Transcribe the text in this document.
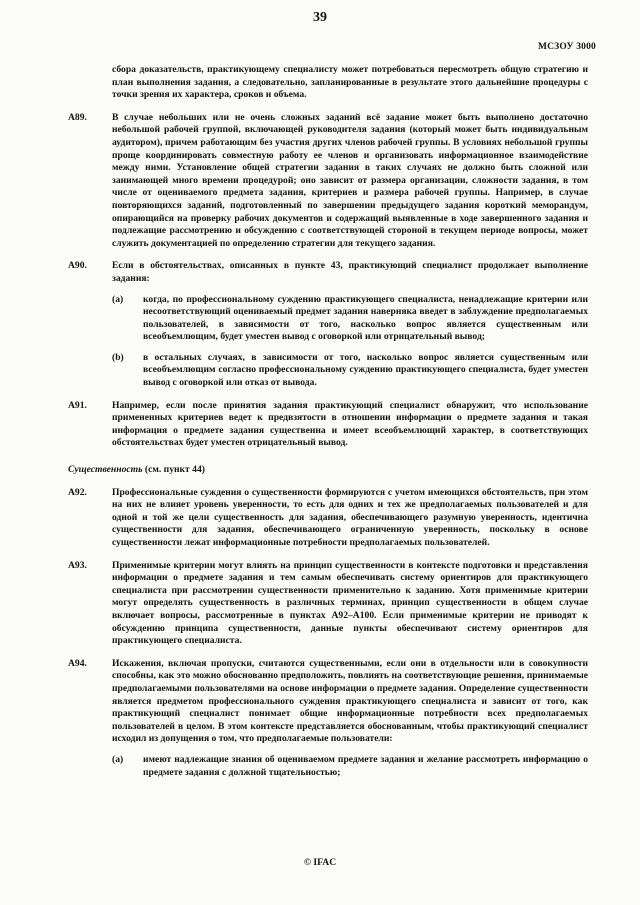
39
МСЗОУ 3000

сбора доказательств, практикующему специалисту может потребоваться пересмотреть общую стратегию и план выполнения задания, а следовательно, запланированные в результате этого дальнейшие процедуры с точки зрения их характера, сроков и объема.

A89.	В случае небольших или не очень сложных заданий всё задание может быть выполнено достаточно небольшой рабочей группой, включающей руководителя задания (который может быть индивидуальным аудитором), причем работающим без участия других членов рабочей группы. В условиях небольшой группы проще координировать совместную работу ее членов и организовать информационное взаимодействие между ними. Установление общей стратегии задания в таких случаях не должно быть сложной или занимающей много времени процедурой; оно зависит от размера организации, сложности задания, в том числе от оцениваемого предмета задания, критериев и размера рабочей группы. Например, в случае повторяющихся заданий, подготовленный по завершении предыдущего задания короткий меморандум, опирающийся на проверку рабочих документов и содержащий выявленные в ходе завершенного задания и подлежащие рассмотрению и обсуждению с соответствующей стороной в текущем периоде вопросы, может служить документацией по определению стратегии для текущего задания.

A90.	Если в обстоятельствах, описанных в пункте 43, практикующий специалист продолжает выполнение задания:

(a) когда, по профессиональному суждению практикующего специалиста, ненадлежащие критерии или несоответствующий оцениваемый предмет задания наверняка введет в заблуждение предполагаемых пользователей, в зависимости от того, насколько вопрос является существенным или всеобъемлющим, будет уместен вывод с оговоркой или отрицательный вывод;

(b) в остальных случаях, в зависимости от того, насколько вопрос является существенным или всеобъемлющим согласно профессиональному суждению практикующего специалиста, будет уместен вывод с оговоркой или отказ от вывода.

A91.	Например, если после принятия задания практикующий специалист обнаружит, что использование примененных критериев ведет к предвзятости в отношении информации о предмете задания и такая информация о предмете задания существенна и имеет всеобъемлющий характер, в соответствующих обстоятельствах будет уместен отрицательный вывод.

Существенность (см. пункт 44)
A92.	Профессиональные суждения о существенности формируются с учетом имеющихся обстоятельств, при этом на них не влияет уровень уверенности, то есть для одних и тех же предполагаемых пользователей и для одной и той же цели существенность для задания, обеспечивающего разумную уверенность, идентична существенности для задания, обеспечивающего ограниченную уверенность, поскольку в основе существенности лежат информационные потребности предполагаемых пользователей.

A93.	Применимые критерии могут влиять на принцип существенности в контексте подготовки и представления информации о предмете задания и тем самым обеспечивать систему ориентиров для практикующего специалиста при рассмотрении существенности применительно к заданию. Хотя применимые критерии могут определять существенность в различных терминах, принцип существенности в общем случае включает вопросы, рассмотренные в пунктах A92–A100. Если применимые критерии не приводят к обсуждению принципа существенности, данные пункты обеспечивают систему ориентиров для практикующего специалиста.

A94.	Искажения, включая пропуски, считаются существенными, если они в отдельности или в совокупности способны, как это можно обоснованно предположить, повлиять на соответствующие решения, принимаемые предполагаемыми пользователями на основе информации о предмете задания. Определение существенности является предметом профессионального суждения практикующего специалиста и зависит от того, как практикующий специалист понимает общие информационные потребности всех предполагаемых пользователей в целом. В этом контексте представляется обоснованным, чтобы практикующий специалист исходил из допущения о том, что предполагаемые пользователи:

(a) имеют надлежащие знания об оцениваемом предмете задания и желание рассмотреть информацию о предмете задания с должной тщательностью;

© IFAC
